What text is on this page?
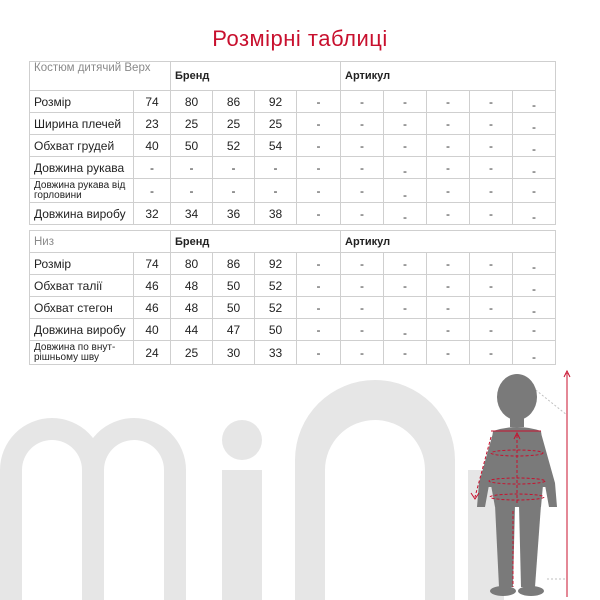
Розмірні таблиці
Костюм дитячий Верх		Бренд				Артикул				
Розмір	74	80	86	92	-	-	-	-	-	-
Ширина плечей	23	25	25	25	-	-	-	-	-	-
Обхват грудей	40	50	52	54	-	-	-	-	-	-
Довжина рукава	-	-	-	-	-	-	-	-	-	-
Довжина рукава від горловини	-	-	-	-	-	-	-	-	-	-
Довжина виробу	32	34	36	38	-	-	-	-	-	-
Низ		Бренд				Артикул				
Розмір	74	80	86	92	-	-	-	-	-	-
Обхват талії	46	48	50	52	-	-	-	-	-	-
Обхват стегон	46	48	50	52	-	-	-	-	-	-
Довжина виробу	40	44	47	50	-	-	-	-	-	-
Довжина по внут-рішньому шву	24	25	30	33	-	-	-	-	-	-
